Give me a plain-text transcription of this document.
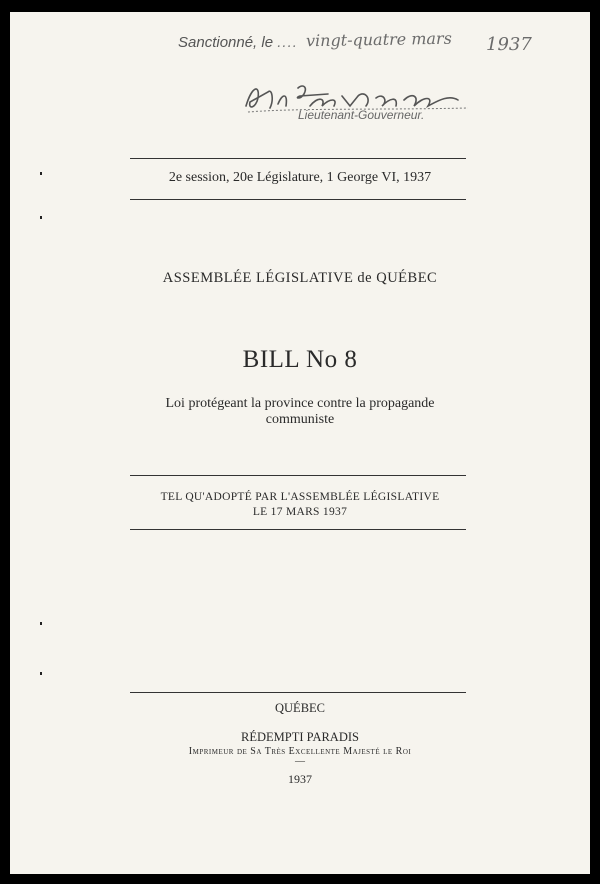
Sanctionné, le .... vingt-quatre mars 1937
Lieutenant-Gouverneur.
2e session, 20e Législature, 1 George VI, 1937
ASSEMBLÉE LÉGISLATIVE de QUÉBEC
BILL No 8
Loi protégeant la province contre la propagande
communiste
TEL QU'ADOPTÉ PAR L'ASSEMBLÉE LÉGISLATIVE
LE 17 MARS 1937
QUÉBEC
RÉDEMPTI PARADIS
Imprimeur de Sa Très Excellente Majesté le Roi
—
1937
